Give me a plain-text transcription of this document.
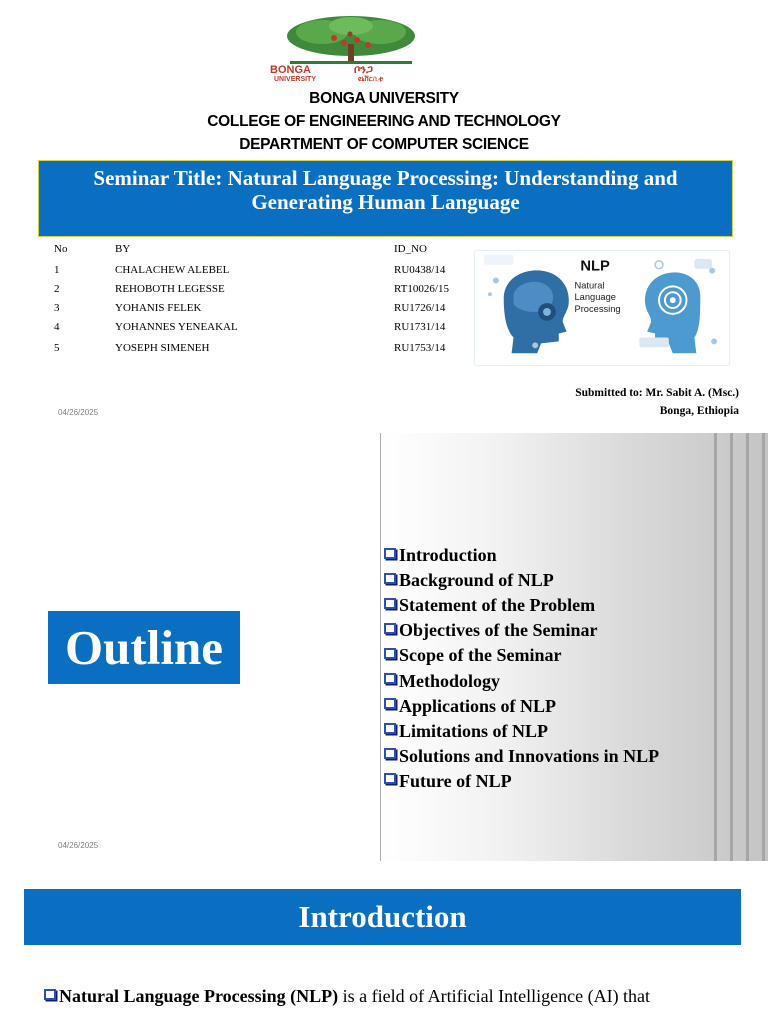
BONGA	ቦንጋ
UNIVERSITY	ዩኒቨርሲቲ
BONGA UNIVERSITY
COLLEGE OF ENGINEERING AND TECHNOLOGY
DEPARTMENT OF COMPUTER SCIENCE
Seminar Title: Natural Language Processing: Understanding and Generating Human Language
No	BY	ID_NO
1	CHALACHEW ALEBEL	RU0438/14
2	REHOBOTH LEGESSE	RT10026/15
3	YOHANIS FELEK	RU1726/14
4	YOHANNES YENEAKAL	RU1731/14
5	YOSEPH SIMENEH	RU1753/14
NLP
Natural
Language
Processing
Submitted to: Mr. Sabit A. (Msc.)
Bonga, Ethiopia
04/26/2025
Outline
04/26/2025
Introduction
Background of NLP
Statement of the Problem
Objectives of the Seminar
Scope of the Seminar
Methodology
Applications of NLP
Limitations of NLP
Solutions and Innovations in NLP
Future of NLP
Introduction
Natural Language Processing (NLP) is a field of Artificial Intelligence (AI) that
